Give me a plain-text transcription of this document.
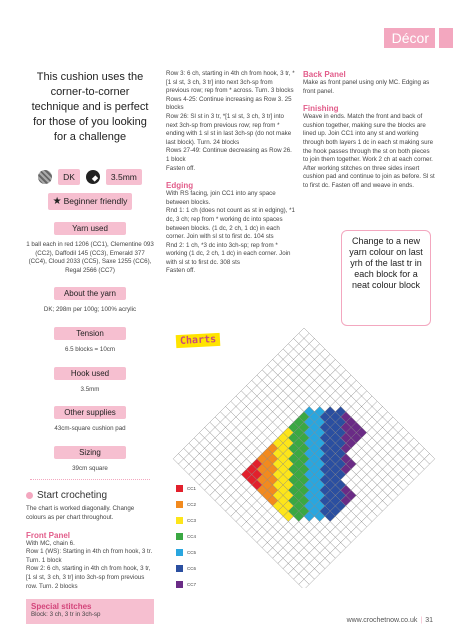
Décor

This cushion uses the corner-to-corner technique and is perfect for those of you looking for a challenge

DK	3.5mm
★ Beginner friendly
Yarn used

1 ball each in red 1206 (CC1), Clementine 093 (CC2), Daffodil 145 (CC3), Emerald 377 (CC4), Cloud 2033 (CC5), Saxe 1255 (CC6), Regal 2566 (CC7)

About the yarn

DK; 298m per 100g; 100% acrylic

Tension

6.5 blocks = 10cm

Hook used

3.5mm

Other supplies

43cm-square cushion pad

Sizing

39cm square

Start crocheting

The chart is worked diagonally. Change colours as per chart throughout.

Front Panel

With MC, chain 6.

Row 1 (WS): Starting in 4th ch from hook, 3 tr. Turn. 1 block

Row 2: 6 ch, starting in 4th ch from hook, 3 tr, [1 sl st, 3 ch, 3 tr] into 3ch-sp from previous row. Turn. 2 blocks

Special stitches

Block: 3 ch, 3 tr in 3ch-sp

Row 3: 6 ch, starting in 4th ch from hook, 3 tr, *[1 sl st, 3 ch, 3 tr] into next 3ch-sp from previous row; rep from * across. Turn. 3 blocks

Rows 4-25: Continue increasing as Row 3. 25 blocks

Row 26: Sl st in 3 tr, *[1 sl st, 3 ch, 3 tr] into next 3ch-sp from previous row; rep from * ending with 1 sl st in last 3ch-sp (do not make last block). Turn. 24 blocks

Rows 27-49: Continue decreasing as Row 26. 1 block

Fasten off.

Edging

With RS facing, join CC1 into any space between blocks.

Rnd 1: 1 ch (does not count as st in edging), *1 dc, 3 ch; rep from * working dc into spaces between blocks. (1 dc, 2 ch, 1 dc) in each corner. Join with sl st to first dc. 104 sts

Rnd 2: 1 ch, *3 dc into 3ch-sp; rep from * working (1 dc, 2 ch, 1 dc) in each corner. Join with sl st to first dc. 308 sts

Fasten off.

Back Panel

Make as front panel using only MC. Edging as front panel.

Finishing

Weave in ends. Match the front and back of cushion together, making sure the blocks are lined up. Join CC1 into any st and working through both layers 1 dc in each st making sure the hook passes through the st on both pieces to join them together. Work 2 ch at each corner. After working stitches on three sides insert cushion pad and continue to join as before. Sl st to first dc. Fasten off and weave in ends.

Change to a new yarn colour on last yrh of the last tr in each block for a neat colour block
Charts
CC1
CC2
CC3
CC4
CC5
CC6
CC7
www.crochetnow.co.uk | 31
